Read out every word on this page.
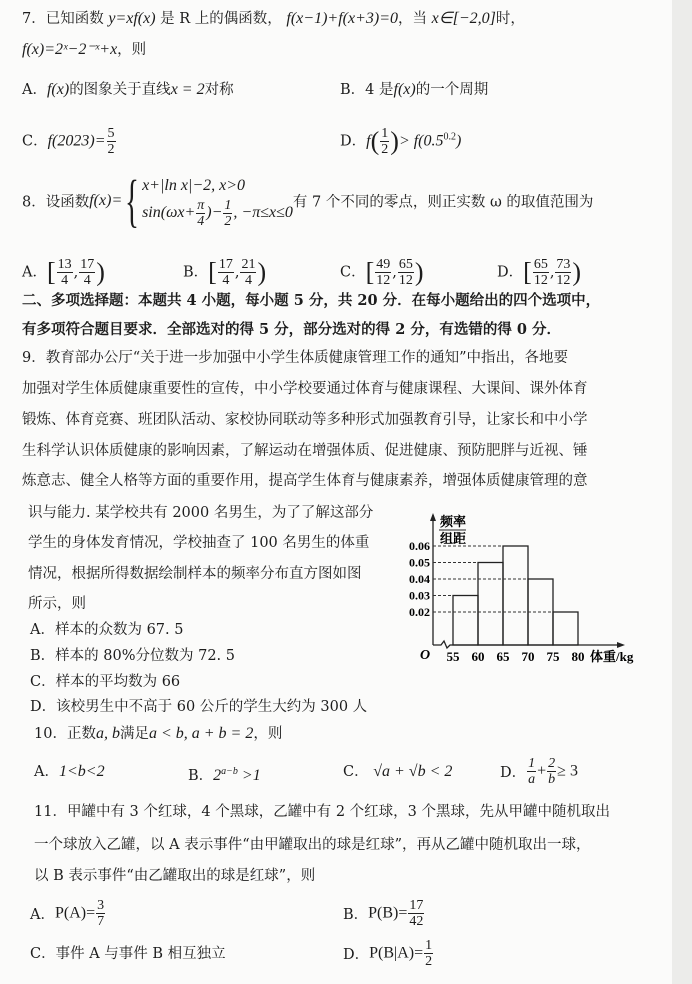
7．已知函数 y=xf(x) 是 R 上的偶函数， f(x−1)+f(x+3)=0，当 x∈[−2,0]时，
f(x)=2ˣ−2⁻ˣ+x，则
A．f(x)的图象关于直线x = 2对称	B．4 是f(x)的一个周期
C．$f(2023)= \frac{5}{2}$	D．$f( \frac{1}{2}$ )> $f(0.5^{0.2})$
8．设函数f(x)={ x+|ln x|−2, x>0
$\sin(\omega x+ \frac{\pi}{4}$ )− $\frac{1}{2}$ , −π≤x≤0
有 7 个不同的零点，则正实数 ω 的取值范围为
A．[ $\frac{13}{4}$ , $\frac{17}{4}$ )	B．[ $\frac{17}{4}$ , $\frac{21}{4}$ )	C．[ $\frac{49}{12}$ , $\frac{65}{12}$ )	D．[ $\frac{65}{12}$ , $\frac{73}{12}$ )
二、多项选择题：本题共 4 小题，每小题 5 分，共 20 分．在每小题给出的四个选项中，
有多项符合题目要求．全部选对的得 5 分，部分选对的得 2 分，有选错的得 0 分．
9．教育部办公厅“关于进一步加强中小学生体质健康管理工作的通知”中指出，各地要
加强对学生体质健康重要性的宣传，中小学校要通过体育与健康课程、大课间、课外体育
锻炼、体育竞赛、班团队活动、家校协同联动等多种形式加强教育引导，让家长和中小学
生科学认识体质健康的影响因素，了解运动在增强体质、促进健康、预防肥胖与近视、锤
炼意志、健全人格等方面的重要作用，提高学生体育与健康素养，增强体质健康管理的意
识与能力. 某学校共有 2000 名男生，为了了解这部分
学生的身体发育情况，学校抽查了 100 名男生的体重
情况，根据所得数据绘制样本的频率分布直方图如图
所示，则
A．样本的众数为 67. 5
B．样本的 80%分位数为 72. 5
C．样本的平均数为 66
D．该校男生中不高于 60 公斤的学生大约为 300 人
0.02
0.03
0.04
0.05
0.06
55 60 65 70 75 80
频率
组距
O	体重/kg
10．正数a, b满足a < b, a + b = 2，则
A．1<b<2	B．$2^{a-b} >1$	C． √a + √b < 2	D． $\frac{1}{a} + \frac{2}{b} \ge 3$
11．甲罐中有 3 个红球，4 个黑球，乙罐中有 2 个红球，3 个黑球，先从甲罐中随机取出
一个球放入乙罐，以 A 表示事件“由甲罐取出的球是红球”，再从乙罐中随机取出一球，
以 B 表示事件“由乙罐取出的球是红球”，则
A．$P(A)= \frac{3}{7}$	B．$P(B)= \frac{17}{42}$
C．事件 A 与事件 B 相互独立	D．$P(B|A)= \frac{1}{2}$
